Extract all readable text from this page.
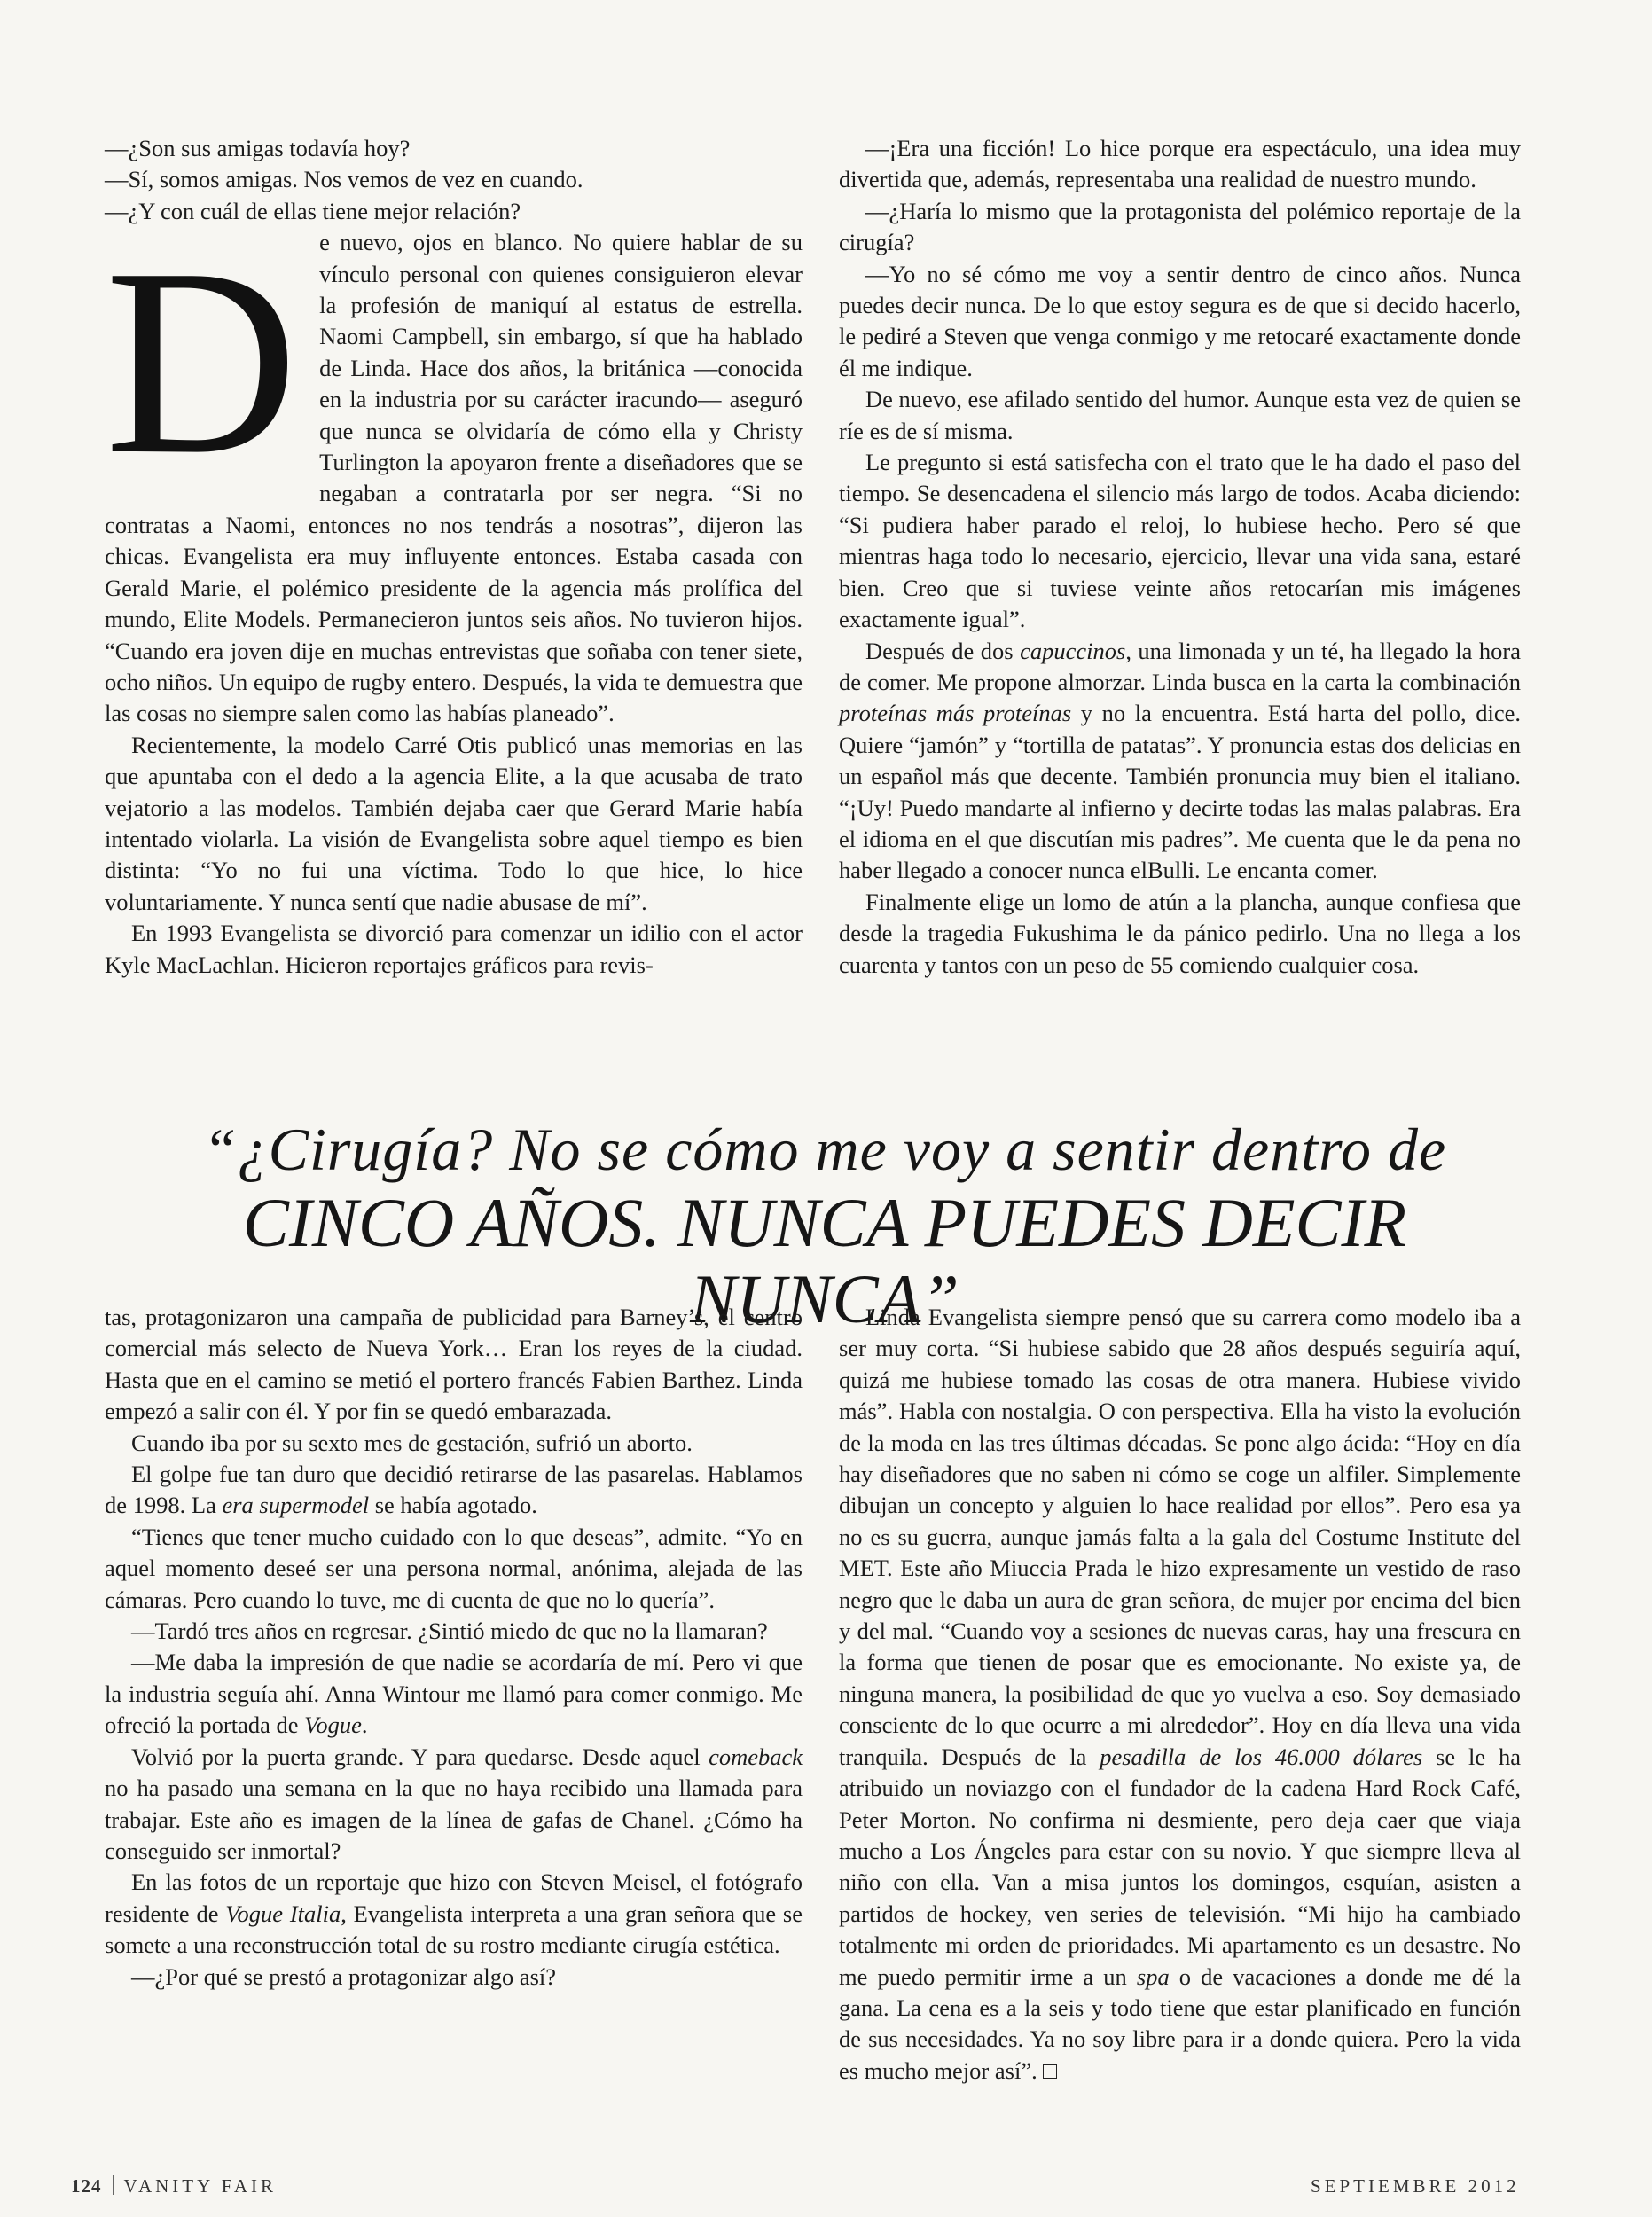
—¿Son sus amigas todavía hoy?

—Sí, somos amigas. Nos vemos de vez en cuando.

—¿Y con cuál de ellas tiene mejor relación?

De nuevo, ojos en blanco. No quiere hablar de su vínculo personal con quienes consiguieron elevar la profesión de maniquí al estatus de estrella. Naomi Campbell, sin embargo, sí que ha hablado de Linda. Hace dos años, la británica —conocida en la industria por su carácter iracundo— aseguró que nunca se olvidaría de cómo ella y Christy Turlington la apoyaron frente a diseñadores que se negaban a contratarla por ser negra. “Si no contratas a Naomi, entonces no nos tendrás a nosotras”, dijeron las chicas. Evangelista era muy influyente entonces. Estaba casada con Gerald Marie, el polémico presidente de la agencia más prolífica del mundo, Elite Models. Permanecieron juntos seis años. No tuvieron hijos. “Cuando era joven dije en muchas entrevistas que soñaba con tener siete, ocho niños. Un equipo de rugby entero. Después, la vida te demuestra que las cosas no siempre salen como las habías planeado”.

Recientemente, la modelo Carré Otis publicó unas memorias en las que apuntaba con el dedo a la agencia Elite, a la que acusaba de trato vejatorio a las modelos. También dejaba caer que Gerard Marie había intentado violarla. La visión de Evangelista sobre aquel tiempo es bien distinta: “Yo no fui una víctima. Todo lo que hice, lo hice voluntariamente. Y nunca sentí que nadie abusase de mí”.

En 1993 Evangelista se divorció para comenzar un idilio con el actor Kyle MacLachlan. Hicieron reportajes gráficos para revis-

—¡Era una ficción! Lo hice porque era espectáculo, una idea muy divertida que, además, representaba una realidad de nuestro mundo.

—¿Haría lo mismo que la protagonista del polémico reportaje de la cirugía?

—Yo no sé cómo me voy a sentir dentro de cinco años. Nunca puedes decir nunca. De lo que estoy segura es de que si decido hacerlo, le pediré a Steven que venga conmigo y me retocaré exactamente donde él me indique.

De nuevo, ese afilado sentido del humor. Aunque esta vez de quien se ríe es de sí misma.

Le pregunto si está satisfecha con el trato que le ha dado el paso del tiempo. Se desencadena el silencio más largo de todos. Acaba diciendo: “Si pudiera haber parado el reloj, lo hubiese hecho. Pero sé que mientras haga todo lo necesario, ejercicio, llevar una vida sana, estaré bien. Creo que si tuviese veinte años retocarían mis imágenes exactamente igual”.

Después de dos capuccinos, una limonada y un té, ha llegado la hora de comer. Me propone almorzar. Linda busca en la carta la combinación proteínas más proteínas y no la encuentra. Está harta del pollo, dice. Quiere “jamón” y “tortilla de patatas”. Y pronuncia estas dos delicias en un español más que decente. También pronuncia muy bien el italiano. “¡Uy! Puedo mandarte al infierno y decirte todas las malas palabras. Era el idioma en el que discutían mis padres”. Me cuenta que le da pena no haber llegado a conocer nunca elBulli. Le encanta comer.

Finalmente elige un lomo de atún a la plancha, aunque confiesa que desde la tragedia Fukushima le da pánico pedirlo. Una no llega a los cuarenta y tantos con un peso de 55 comiendo cualquier cosa.

“¿Cirugía? No se cómo me voy a sentir dentro de
CINCO AÑOS. NUNCA PUEDES DECIR NUNCA”

tas, protagonizaron una campaña de publicidad para Barney’s, el centro comercial más selecto de Nueva York… Eran los reyes de la ciudad. Hasta que en el camino se metió el portero francés Fabien Barthez. Linda empezó a salir con él. Y por fin se quedó embarazada.

Cuando iba por su sexto mes de gestación, sufrió un aborto.

El golpe fue tan duro que decidió retirarse de las pasarelas. Hablamos de 1998. La era supermodel se había agotado.

“Tienes que tener mucho cuidado con lo que deseas”, admite. “Yo en aquel momento deseé ser una persona normal, anónima, alejada de las cámaras. Pero cuando lo tuve, me di cuenta de que no lo quería”.

—Tardó tres años en regresar. ¿Sintió miedo de que no la llamaran?

—Me daba la impresión de que nadie se acordaría de mí. Pero vi que la industria seguía ahí. Anna Wintour me llamó para comer conmigo. Me ofreció la portada de Vogue.

Volvió por la puerta grande. Y para quedarse. Desde aquel comeback no ha pasado una semana en la que no haya recibido una llamada para trabajar. Este año es imagen de la línea de gafas de Chanel. ¿Cómo ha conseguido ser inmortal?

En las fotos de un reportaje que hizo con Steven Meisel, el fotógrafo residente de Vogue Italia, Evangelista interpreta a una gran señora que se somete a una reconstrucción total de su rostro mediante cirugía estética.

—¿Por qué se prestó a protagonizar algo así?

Linda Evangelista siempre pensó que su carrera como modelo iba a ser muy corta. “Si hubiese sabido que 28 años después seguiría aquí, quizá me hubiese tomado las cosas de otra manera. Hubiese vivido más”. Habla con nostalgia. O con perspectiva. Ella ha visto la evolución de la moda en las tres últimas décadas. Se pone algo ácida: “Hoy en día hay diseñadores que no saben ni cómo se coge un alfiler. Simplemente dibujan un concepto y alguien lo hace realidad por ellos”. Pero esa ya no es su guerra, aunque jamás falta a la gala del Costume Institute del MET. Este año Miuccia Prada le hizo expresamente un vestido de raso negro que le daba un aura de gran señora, de mujer por encima del bien y del mal. “Cuando voy a sesiones de nuevas caras, hay una frescura en la forma que tienen de posar que es emocionante. No existe ya, de ninguna manera, la posibilidad de que yo vuelva a eso. Soy demasiado consciente de lo que ocurre a mi alrededor”. Hoy en día lleva una vida tranquila. Después de la pesadilla de los 46.000 dólares se le ha atribuido un noviazgo con el fundador de la cadena Hard Rock Café, Peter Morton. No confirma ni desmiente, pero deja caer que viaja mucho a Los Ángeles para estar con su novio. Y que siempre lleva al niño con ella. Van a misa juntos los domingos, esquían, asisten a partidos de hockey, ven series de televisión. “Mi hijo ha cambiado totalmente mi orden de prioridades. Mi apartamento es un desastre. No me puedo permitir irme a un spa o de vacaciones a donde me dé la gana. La cena es a la seis y todo tiene que estar planificado en función de sus necesidades. Ya no soy libre para ir a donde quiera. Pero la vida es mucho mejor así”.

124 VANITY FAIR	SEPTIEMBRE 2012
